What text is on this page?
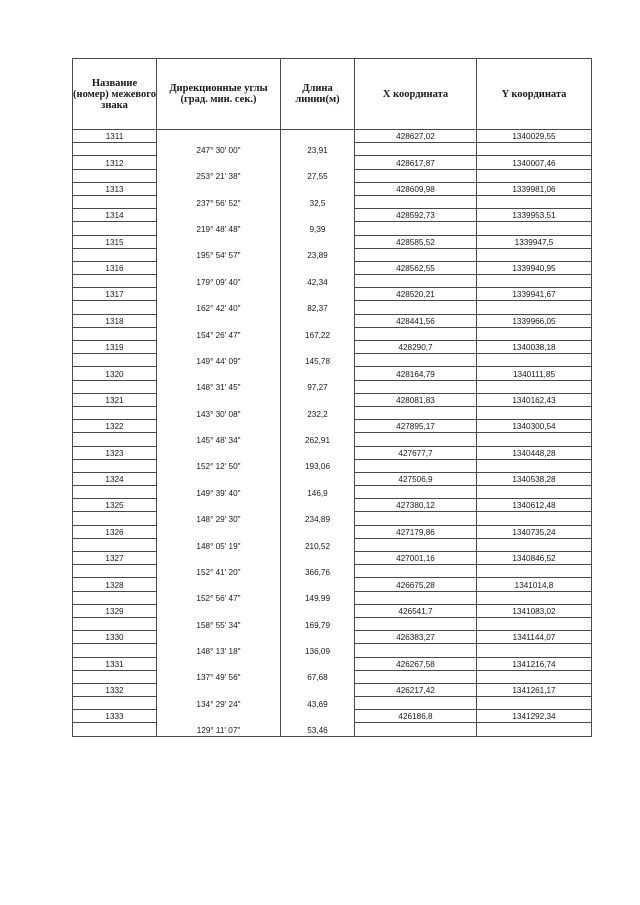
Название (номер) межевого знака	Дирекционные углы (град. мин. сек.)	Длина линии(м)	X координата	Y координата
1311			428627,02	1340029,55
	247° 30' 00"	23,91		
1312			428617,87	1340007,46
	253° 21' 38"	27,55		
1313			428609,98	1339981,06
	237° 56' 52"	32,5		
1314			428592,73	1339953,51
	219° 48' 48"	9,39		
1315			428585,52	1339947,5
	195° 54' 57"	23,89		
1316			428562,55	1339940,95
	179° 09' 40"	42,34		
1317			428520,21	1339941,67
	162° 42' 40"	82,37		
1318			428441,56	1339966,05
	154° 26' 47"	167,22		
1319			428290,7	1340038,18
	149° 44' 09"	145,78		
1320			428164,79	1340111,85
	148° 31' 45"	97,27		
1321			428081,83	1340162,43
	143° 30' 08"	232,2		
1322			427895,17	1340300,54
	145° 48' 34"	262,91		
1323			427677,7	1340448,28
	152° 12' 50"	193,06		
1324			427506,9	1340538,28
	149° 39' 40"	146,9		
1325			427380,12	1340612,48
	148° 29' 30"	234,89		
1326			427179,86	1340735,24
	148° 05' 19"	210,52		
1327			427001,16	1340846,52
	152° 41' 20"	366,76		
1328			426675,28	1341014,8
	152° 56' 47"	149,99		
1329			426541,7	1341083,02
	158° 55' 34"	169,79		
1330			426383,27	1341144,07
	148° 13' 18"	136,09		
1331			426267,58	1341216,74
	137° 49' 56"	67,68		
1332			426217,42	1341261,17
	134° 29' 24"	43,69		
1333			426186,8	1341292,34
	129° 11' 07"	53,46		
